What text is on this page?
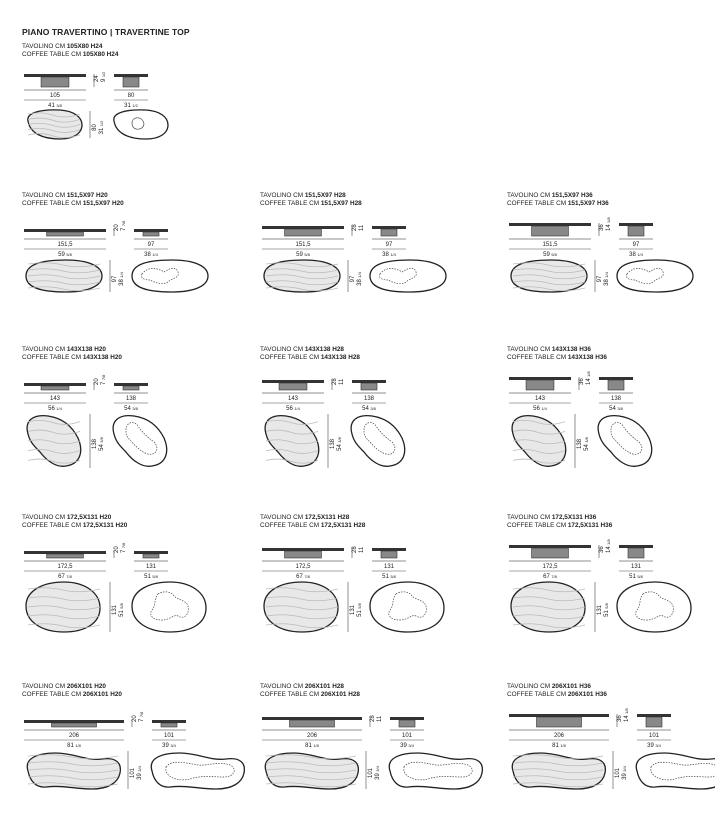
PIANO TRAVERTINO | TRAVERTINE TOP
TAVOLINO CM 105X80 H24
COFFEE TABLE CM 105X80 H24
105
41 3/8
24 91/2
80
31 1/2
80
311/2
TAVOLINO CM 151,5X97 H20
COFFEE TABLE CM 151,5X97 H20
151,5
59 5/8
20 77/8
97
38 1/4
97
381/4
TAVOLINO CM 151,5X97 H28
COFFEE TABLE CM 151,5X97 H28
151,5
59 5/8
28 11
97
38 1/4
97
381/4
TAVOLINO CM 151,5X97 H36
COFFEE TABLE CM 151,5X97 H36
151,5
59 5/8
36 141/8
97
38 1/4
97
381/4
TAVOLINO CM 143X138 H20
COFFEE TABLE CM 143X138 H20
143
56 1/4
20 77/8
138
54 3/8
138 543/8
TAVOLINO CM 143X138 H28
COFFEE TABLE CM 143X138 H28
143
56 1/4
28 11
138
54 3/8
138 543/8
TAVOLINO CM 143X138 H36
COFFEE TABLE CM 143X138 H36
143
56 1/4
36 141/8
138
54 3/8
138 543/8
TAVOLINO CM 172,5X131 H20
COFFEE TABLE CM 172,5X131 H20
172,5
67 7/8
20 77/8
131
51 5/8
131 515/8
TAVOLINO CM 172,5X131 H28
COFFEE TABLE CM 172,5X131 H28
172,5
67 7/8
28 11
131
51 5/8
131 515/8
TAVOLINO CM 172,5X131 H36
COFFEE TABLE CM 172,5X131 H36
172,5
67 7/8
36 141/8
131
51 5/8
131 515/8
TAVOLINO CM 206X101 H20
COFFEE TABLE CM 206X101 H20
206
81 1/8
20 77/8
101
39 3/4
101 393/4
TAVOLINO CM 206X101 H28
COFFEE TABLE CM 206X101 H28
206
81 1/8
28 11
101
39 3/4
101 393/4
TAVOLINO CM 206X101 H36
COFFEE TABLE CM 206X101 H36
206
81 1/8
36 141/8
101
39 3/4
101 393/4
